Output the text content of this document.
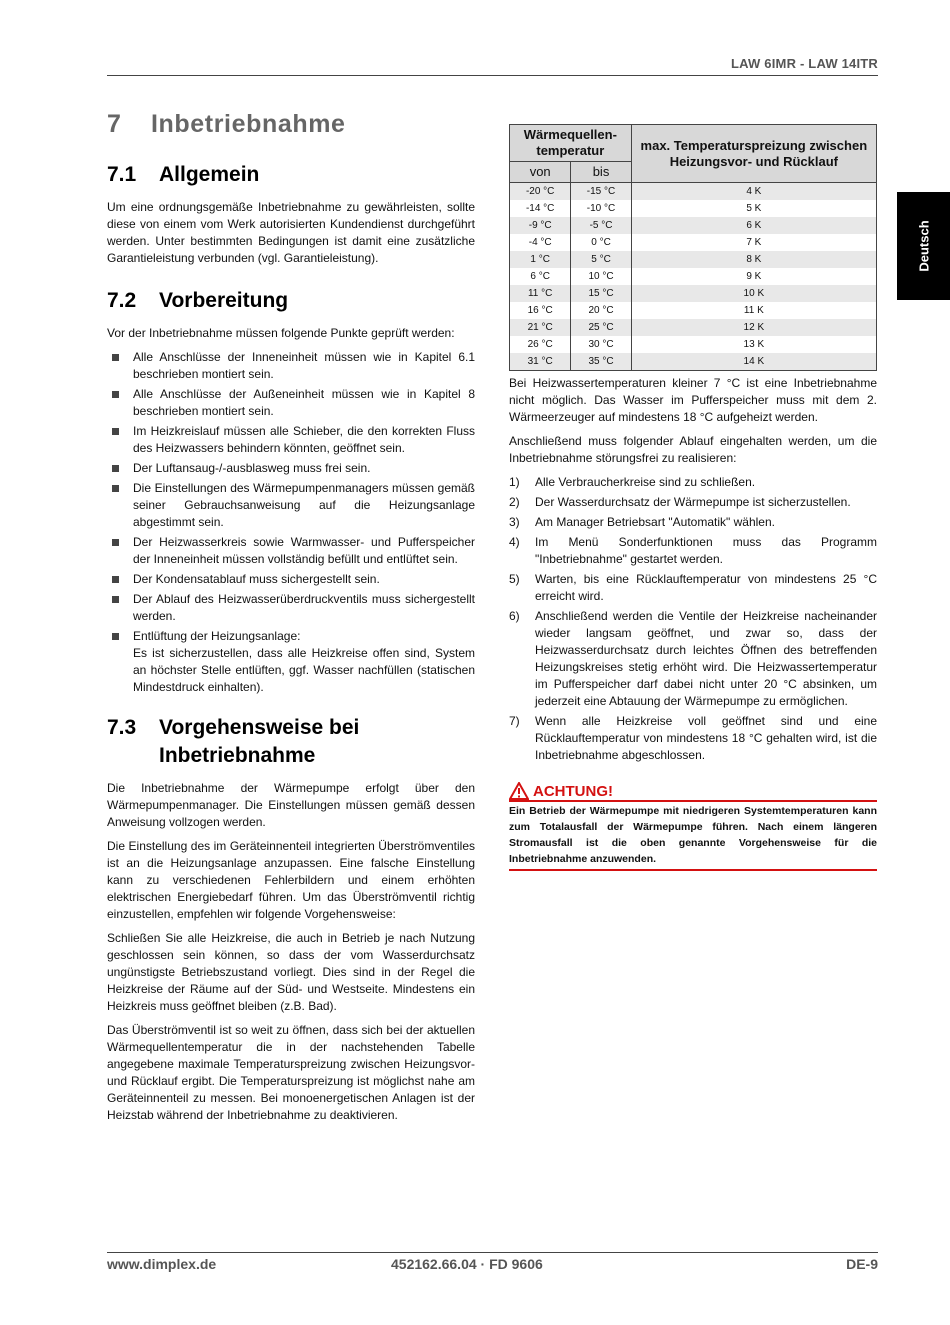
LAW 6IMR - LAW 14ITR
Deutsch
7 Inbetriebnahme
7.1	Allgemein

Um eine ordnungsgemäße Inbetriebnahme zu gewährleisten, sollte diese von einem vom Werk autorisierten Kundendienst durchgeführt werden. Unter bestimmten Bedingungen ist damit eine zusätzliche Garantieleistung verbunden (vgl. Garantieleistung).

7.2	Vorbereitung

Vor der Inbetriebnahme müssen folgende Punkte geprüft werden:

Alle Anschlüsse der Inneneinheit müssen wie in Kapitel 6.1 beschrieben montiert sein.
Alle Anschlüsse der Außeneinheit müssen wie in Kapitel 8 beschrieben montiert sein.
Im Heizkreislauf müssen alle Schieber, die den korrekten Fluss des Heizwassers behindern könnten, geöffnet sein.
Der Luftansaug-/-ausblasweg muss frei sein.
Die Einstellungen des Wärmepumpenmanagers müssen gemäß seiner Gebrauchsanweisung auf die Heizungsanlage abgestimmt sein.
Der Heizwasserkreis sowie Warmwasser- und Pufferspeicher der Inneneinheit müssen vollständig befüllt und entlüftet sein.
Der Kondensatablauf muss sichergestellt sein.
Der Ablauf des Heizwasserüberdruckventils muss sichergestellt werden.
Entlüftung der Heizungsanlage:
Es ist sicherzustellen, dass alle Heizkreise offen sind, System an höchster Stelle entlüften, ggf. Wasser nachfüllen (statischen Mindestdruck einhalten).
7.3	Vorgehensweise bei Inbetriebnahme

Die Inbetriebnahme der Wärmepumpe erfolgt über den Wärmepumpenmanager. Die Einstellungen müssen gemäß dessen Anweisung vollzogen werden.

Die Einstellung des im Geräteinnenteil integrierten Überströmventiles ist an die Heizungsanlage anzupassen. Eine falsche Einstellung kann zu verschiedenen Fehlerbildern und einem erhöhten elektrischen Energiebedarf führen. Um das Überströmventil richtig einzustellen, empfehlen wir folgende Vorgehensweise:

Schließen Sie alle Heizkreise, die auch in Betrieb je nach Nutzung geschlossen sein können, so dass der vom Wasserdurchsatz ungünstigste Betriebszustand vorliegt. Dies sind in der Regel die Heizkreise der Räume auf der Süd- und Westseite. Mindestens ein Heizkreis muss geöffnet bleiben (z.B. Bad).

Das Überströmventil ist so weit zu öffnen, dass sich bei der aktuellen Wärmequellentemperatur die in der nachstehenden Tabelle angegebene maximale Temperaturspreizung zwischen Heizungsvor- und Rücklauf ergibt. Die Temperaturspreizung ist möglichst nahe am Geräteinnenteil zu messen. Bei monoenergetischen Anlagen ist der Heizstab während der Inbetriebnahme zu deaktivieren.

Wärmequellen-temperatur		max. Temperaturspreizung zwischen Heizungsvor- und Rücklauf
von	bis	
-20 °C	-15 °C	4 K
-14 °C	-10 °C	5 K
-9 °C	-5 °C	6 K
-4 °C	0 °C	7 K
1 °C	5 °C	8 K
6 °C	10 °C	9 K
11 °C	15 °C	10 K
16 °C	20 °C	11 K
21 °C	25 °C	12 K
26 °C	30 °C	13 K
31 °C	35 °C	14 K

Bei Heizwassertemperaturen kleiner 7 °C ist eine Inbetriebnahme nicht möglich. Das Wasser im Pufferspeicher muss mit dem 2. Wärmeerzeuger auf mindestens 18 °C aufgeheizt werden.

Anschließend muss folgender Ablauf eingehalten werden, um die Inbetriebnahme störungsfrei zu realisieren:

1) Alle Verbraucherkreise sind zu schließen.
2) Der Wasserdurchsatz der Wärmepumpe ist sicherzustellen.
3) Am Manager Betriebsart "Automatik" wählen.
4) Im Menü Sonderfunktionen muss das Programm "Inbetriebnahme" gestartet werden.
5) Warten, bis eine Rücklauftemperatur von mindestens 25 °C erreicht wird.
6) Anschließend werden die Ventile der Heizkreise nacheinander wieder langsam geöffnet, und zwar so, dass der Heizwasserdurchsatz durch leichtes Öffnen des betreffenden Heizungskreises stetig erhöht wird. Die Heizwassertemperatur im Pufferspeicher darf dabei nicht unter 20 °C absinken, um jederzeit eine Abtauung der Wärmepumpe zu ermöglichen.
7) Wenn alle Heizkreise voll geöffnet sind und eine Rücklauftemperatur von mindestens 18 °C gehalten wird, ist die Inbetriebnahme abgeschlossen.
ACHTUNG!
Ein Betrieb der Wärmepumpe mit niedrigeren Systemtemperaturen kann zum Totalausfall der Wärmepumpe führen. Nach einem längeren Stromausfall ist die oben genannte Vorgehensweise für die Inbetriebnahme anzuwenden.
www.dimplex.de	452162.66.04 · FD 9606	DE-9
